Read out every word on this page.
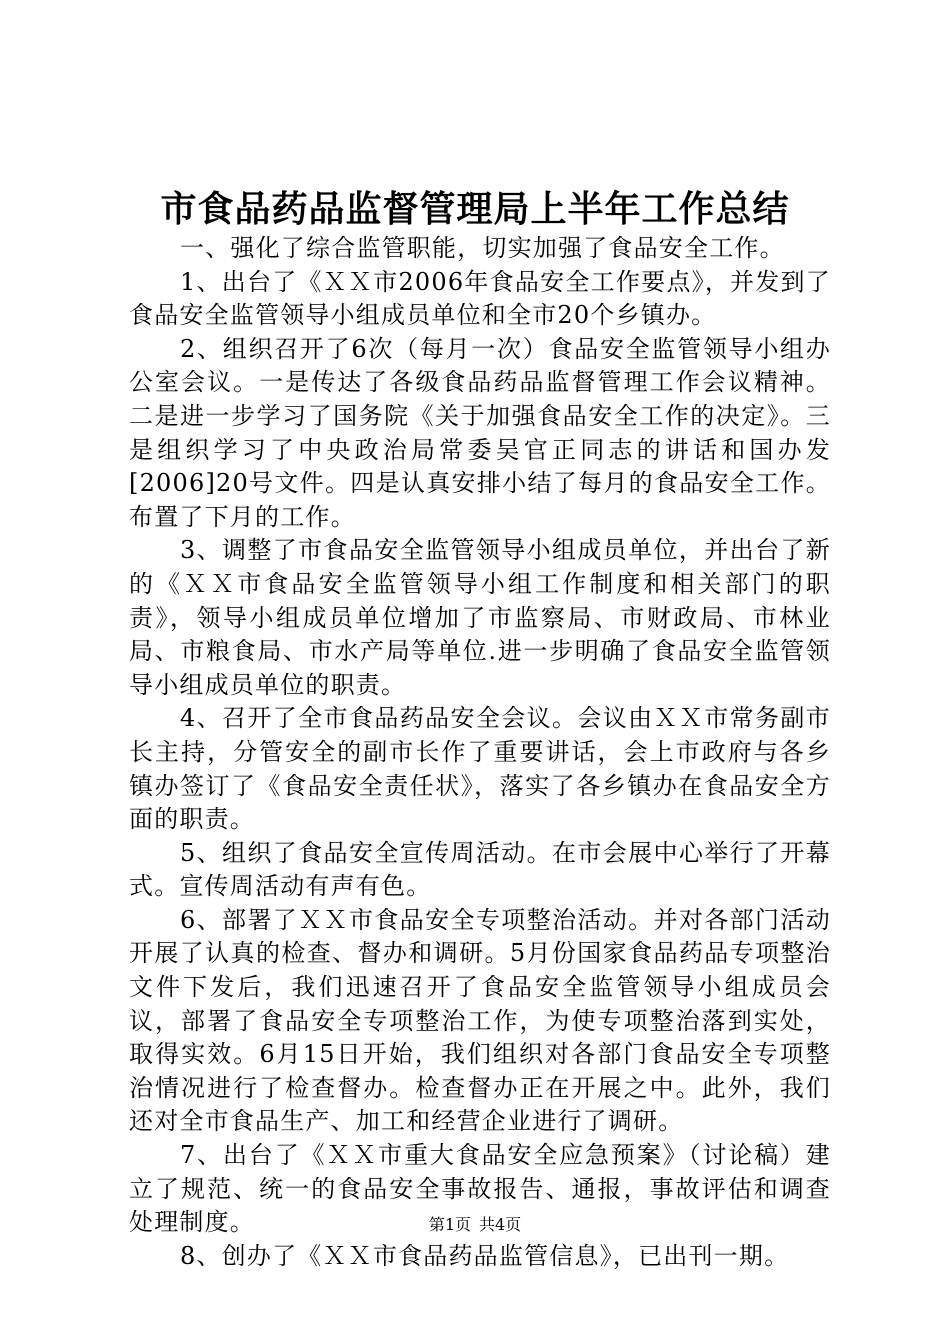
市食品药品监督管理局上半年工作总结

一、强化了综合监管职能，切实加强了食品安全工作。

1、出台了《ＸＸ市2006年食品安全工作要点》，并发到了食品安全监管领导小组成员单位和全市20个乡镇办。

2、组织召开了6次（每月一次）食品安全监管领导小组办公室会议。一是传达了各级食品药品监督管理工作会议精神。二是进一步学习了国务院《关于加强食品安全工作的决定》。三是组织学习了中央政治局常委吴官正同志的讲话和国办发[2006]20号文件。四是认真安排小结了每月的食品安全工作。布置了下月的工作。

3、调整了市食品安全监管领导小组成员单位，并出台了新的《ＸＸ市食品安全监管领导小组工作制度和相关部门的职责》，领导小组成员单位增加了市监察局、市财政局、市林业局、市粮食局、市水产局等单位.进一步明确了食品安全监管领导小组成员单位的职责。

4、召开了全市食品药品安全会议。会议由ＸＸ市常务副市长主持，分管安全的副市长作了重要讲话，会上市政府与各乡镇办签订了《食品安全责任状》，落实了各乡镇办在食品安全方面的职责。

5、组织了食品安全宣传周活动。在市会展中心举行了开幕式。宣传周活动有声有色。

6、部署了ＸＸ市食品安全专项整治活动。并对各部门活动开展了认真的检查、督办和调研。5月份国家食品药品专项整治文件下发后，我们迅速召开了食品安全监管领导小组成员会议，部署了食品安全专项整治工作，为使专项整治落到实处，取得实效。6月15日开始，我们组织对各部门食品安全专项整治情况进行了检查督办。检查督办正在开展之中。此外，我们还对全市食品生产、加工和经营企业进行了调研。

7、出台了《ＸＸ市重大食品安全应急预案》（讨论稿）建立了规范、统一的食品安全事故报告、通报，事故评估和调查处理制度。

8、创办了《ＸＸ市食品药品监管信息》，已出刊一期。

第1页 共4页
